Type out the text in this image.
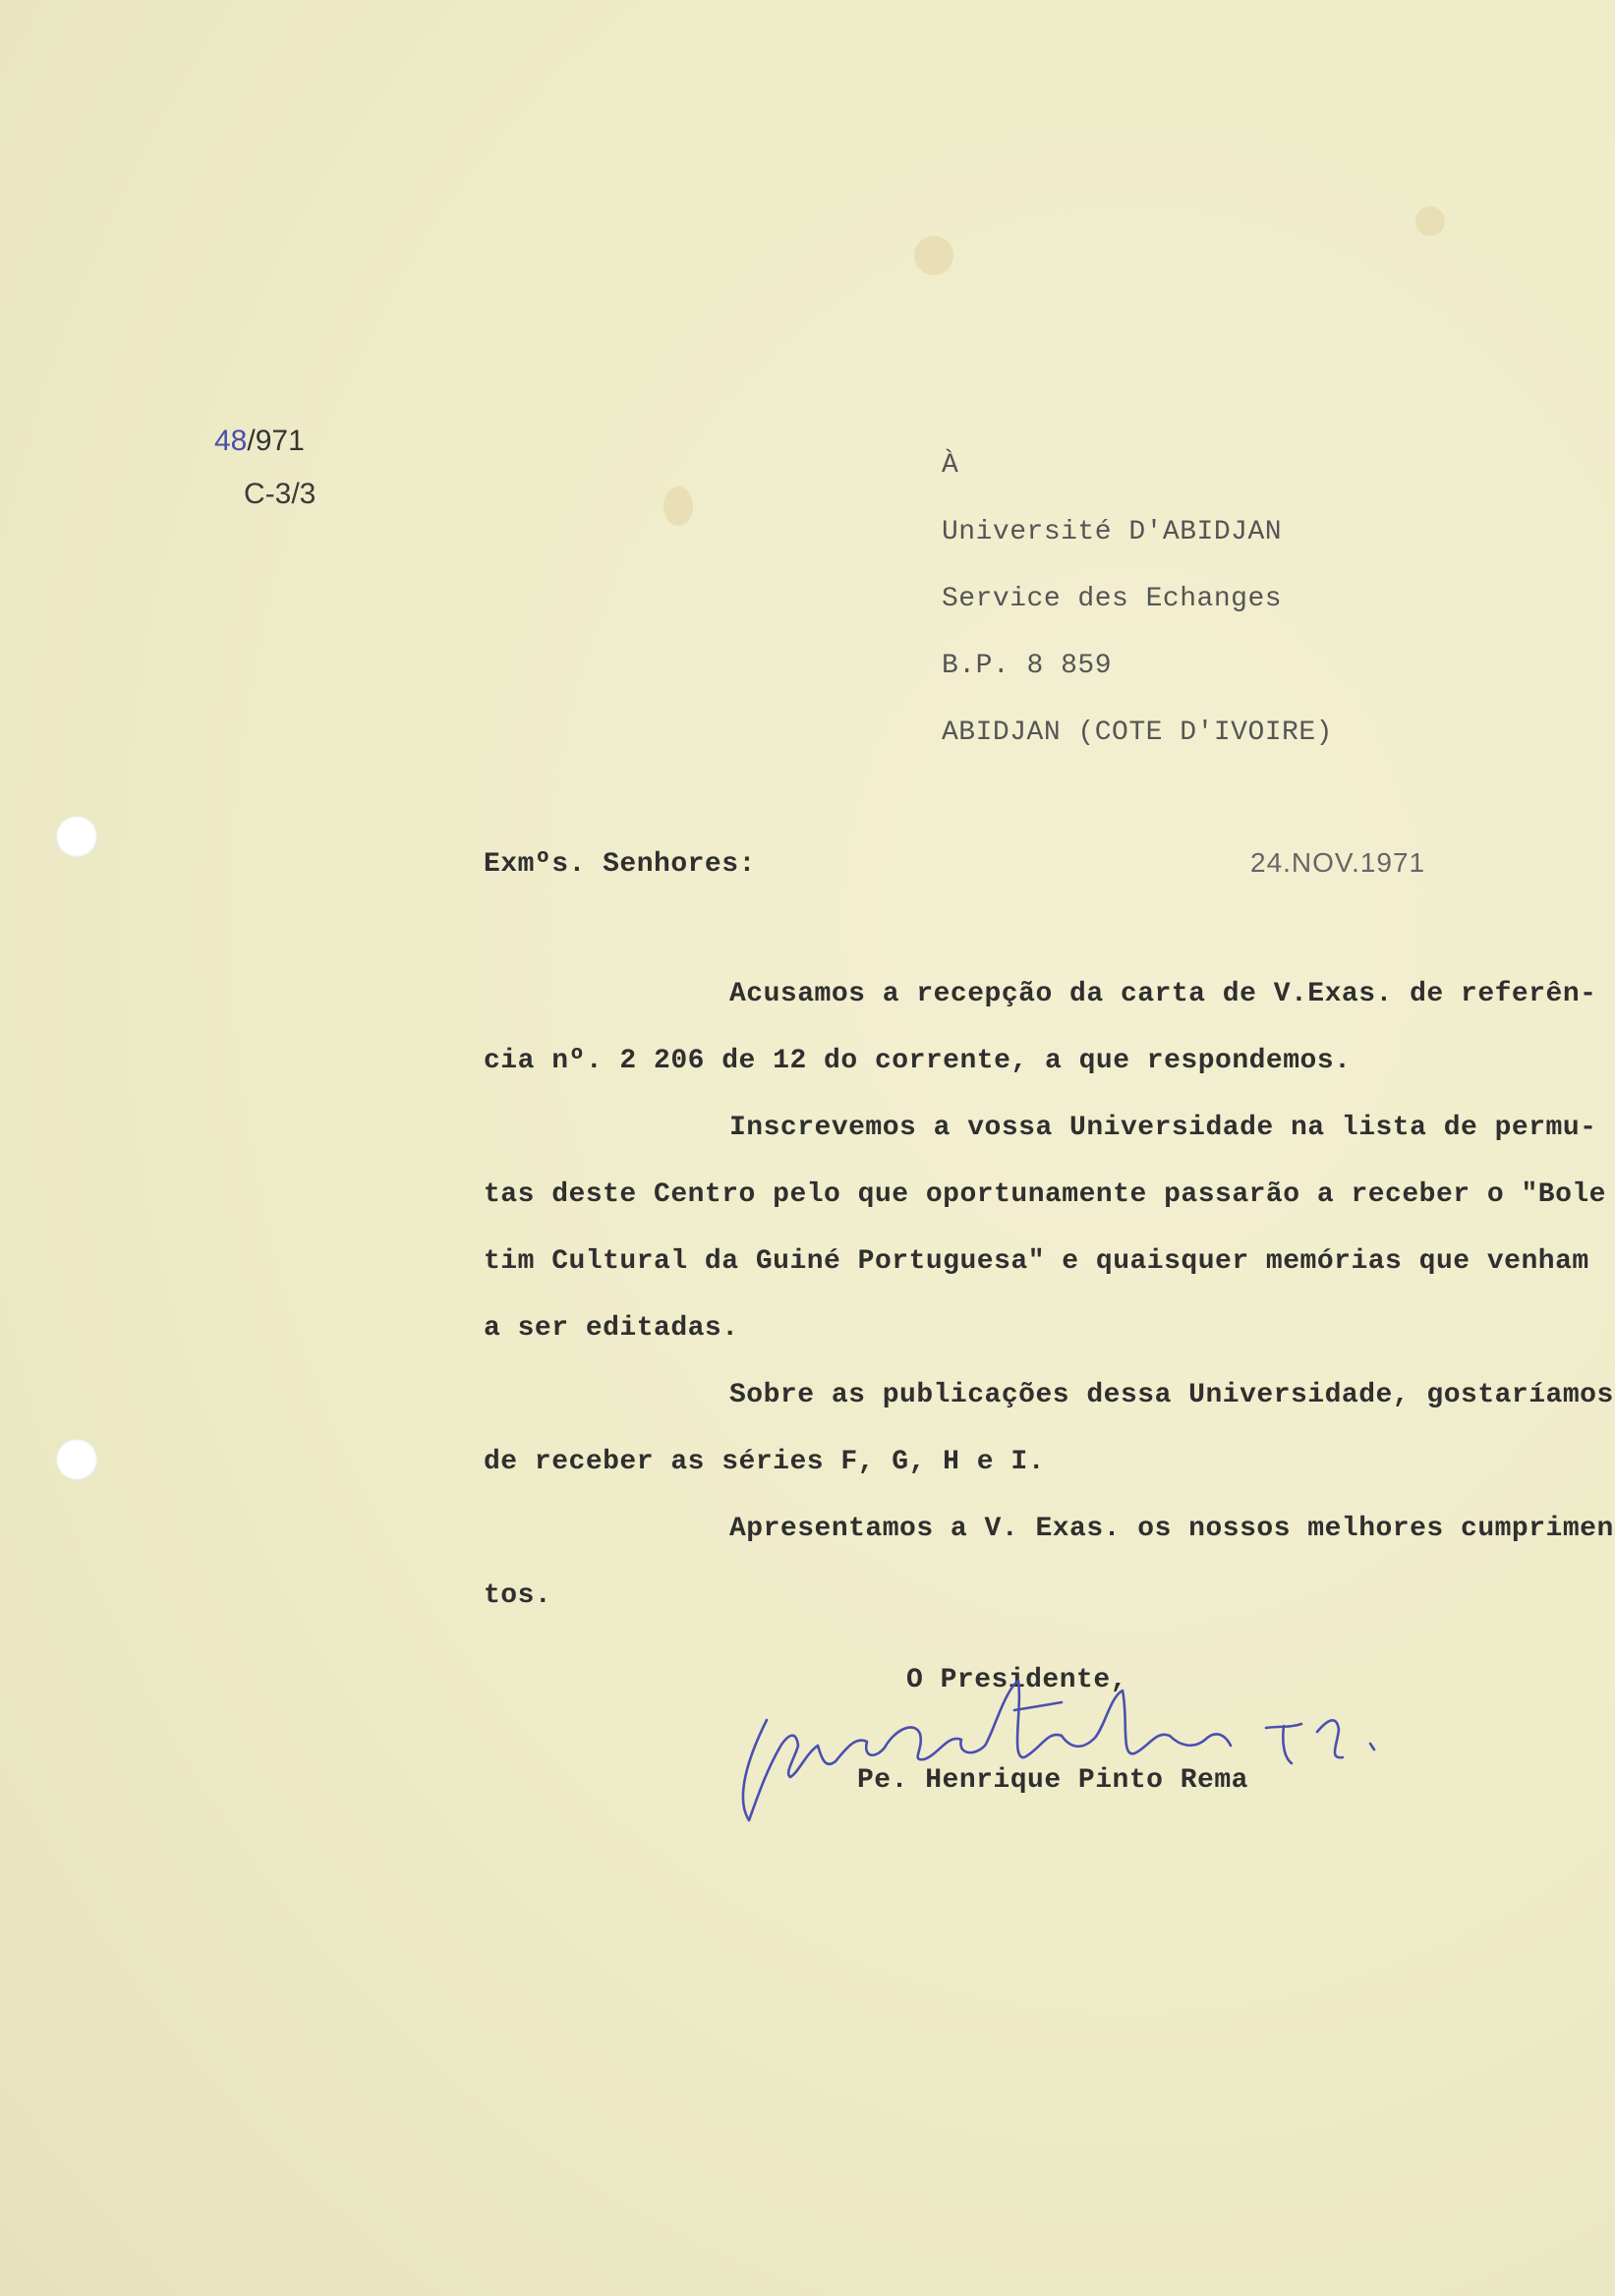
48/971
C-3/3
À
Université D'ABIDJAN
Service des Echanges
B.P. 8 859
ABIDJAN (COTE D'IVOIRE)
Exmºs. Senhores:	24.NOV.1971
Acusamos a recepção da carta de V.Exas. de referên-
cia nº. 2 206 de 12 do corrente, a que respondemos.
Inscrevemos a vossa Universidade na lista de permu-
tas deste Centro pelo que oportunamente passarão a receber o "Bole
tim Cultural da Guiné Portuguesa" e quaisquer memórias que venham
a ser editadas.
Sobre as publicações dessa Universidade, gostaríamos
de receber as séries F, G, H e I.
Apresentamos a V. Exas. os nossos melhores cumprimen
tos.
O Presidente,
Pe. Henrique Pinto Rema
